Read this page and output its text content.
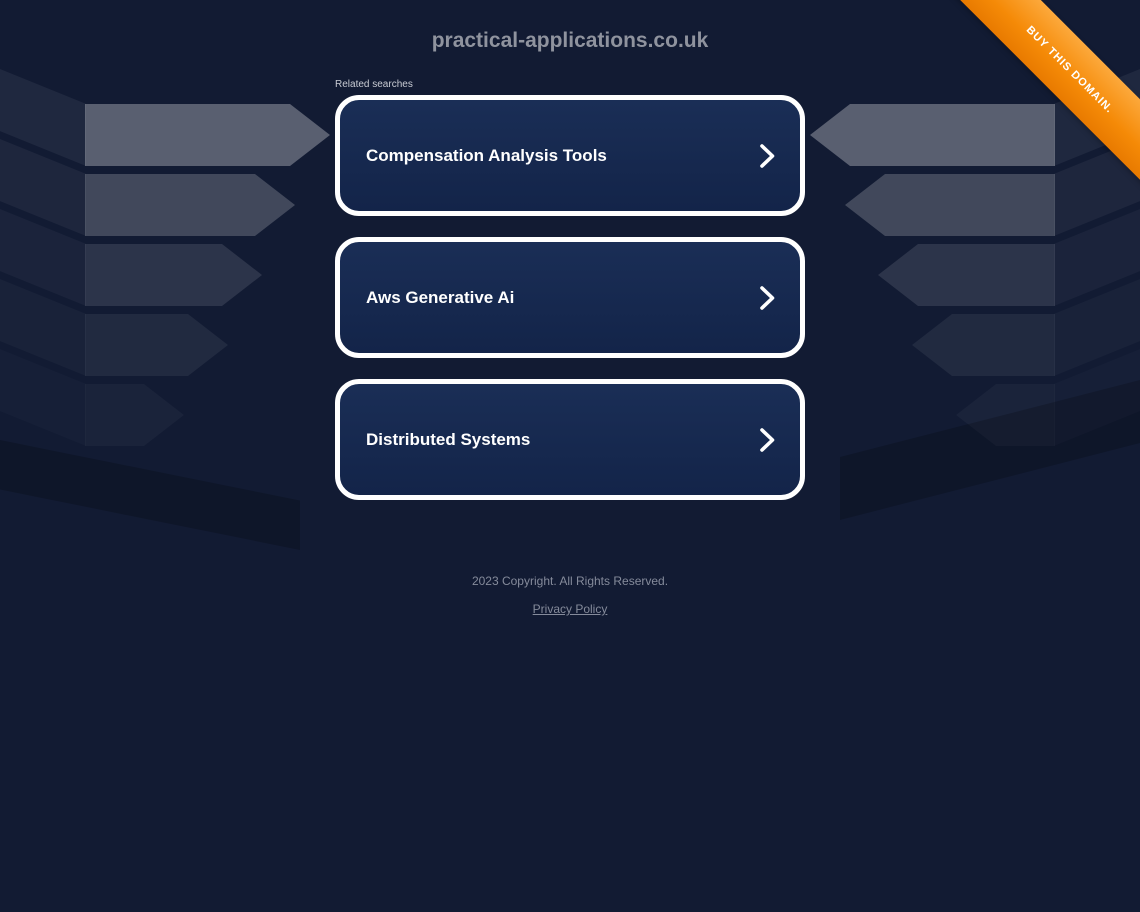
BUY THIS DOMAIN.
practical-applications.co.uk
Related searches
Compensation Analysis Tools
Aws Generative Ai
Distributed Systems
2023 Copyright. All Rights Reserved.
Privacy Policy
